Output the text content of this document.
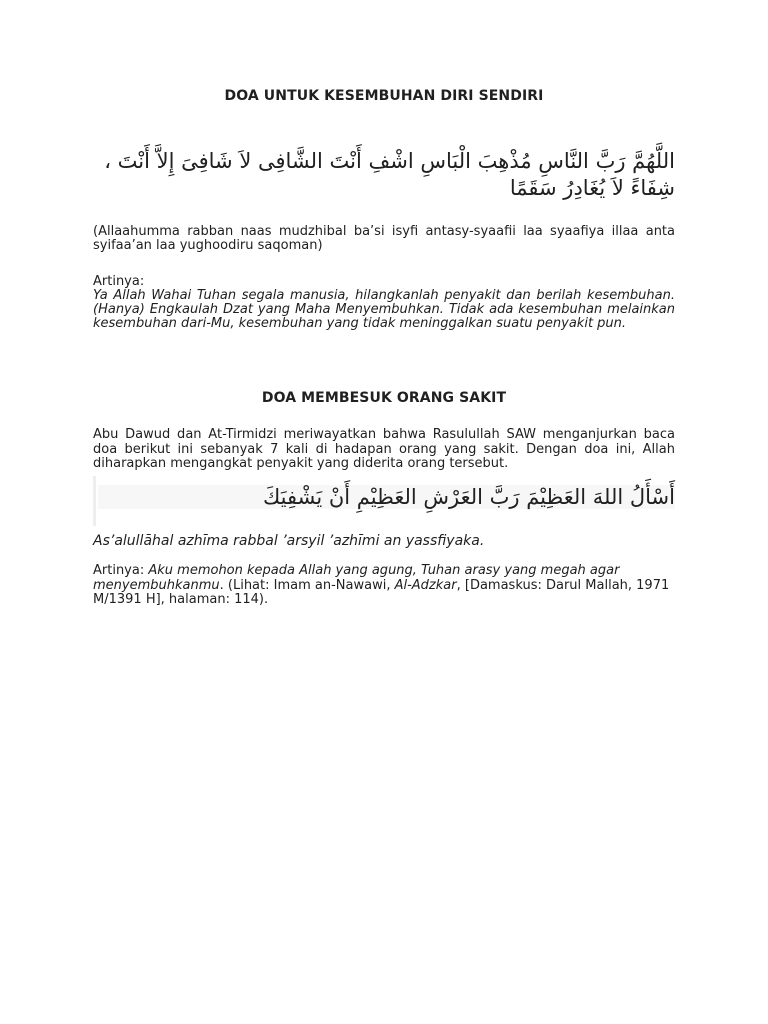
DOA UNTUK KESEMBUHAN DIRI SENDIRI

اللَّهُمَّ رَبَّ النَّاسِ مُذْهِبَ الْبَاسِ اشْفِ أَنْتَ الشَّافِى لاَ شَافِىَ إِلاَّ أَنْتَ ، شِفَاءً لاَ يُغَادِرُ سَقَمًا

(Allaahumma rabban naas mudzhibal ba’si isyfi antasy-syaafii laa syaafiya illaa anta syifaa’an laa yughoodiru saqoman)

Artinya:

Ya Allah Wahai Tuhan segala manusia, hilangkanlah penyakit dan berilah kesembuhan. (Hanya) Engkaulah Dzat yang Maha Menyembuhkan. Tidak ada kesembuhan melainkan kesembuhan dari-Mu, kesembuhan yang tidak meninggalkan suatu penyakit pun.

DOA MEMBESUK ORANG SAKIT

Abu Dawud dan At-Tirmidzi meriwayatkan bahwa Rasulullah SAW menganjurkan baca doa berikut ini sebanyak 7 kali di hadapan orang yang sakit. Dengan doa ini, Allah diharapkan mengangkat penyakit yang diderita orang tersebut.

أَسْأَلُ اللهَ العَظِيْمَ رَبَّ العَرْشِ العَظِيْمِ أَنْ يَشْفِيَكَ

As’alullāhal azhīma rabbal ’arsyil ’azhīmi an yassfiyaka.

Artinya: Aku memohon kepada Allah yang agung, Tuhan arasy yang megah agar menyembuhkanmu. (Lihat: Imam an-Nawawi, Al-Adzkar, [Damaskus: Darul Mallah, 1971 M/1391 H], halaman: 114).
